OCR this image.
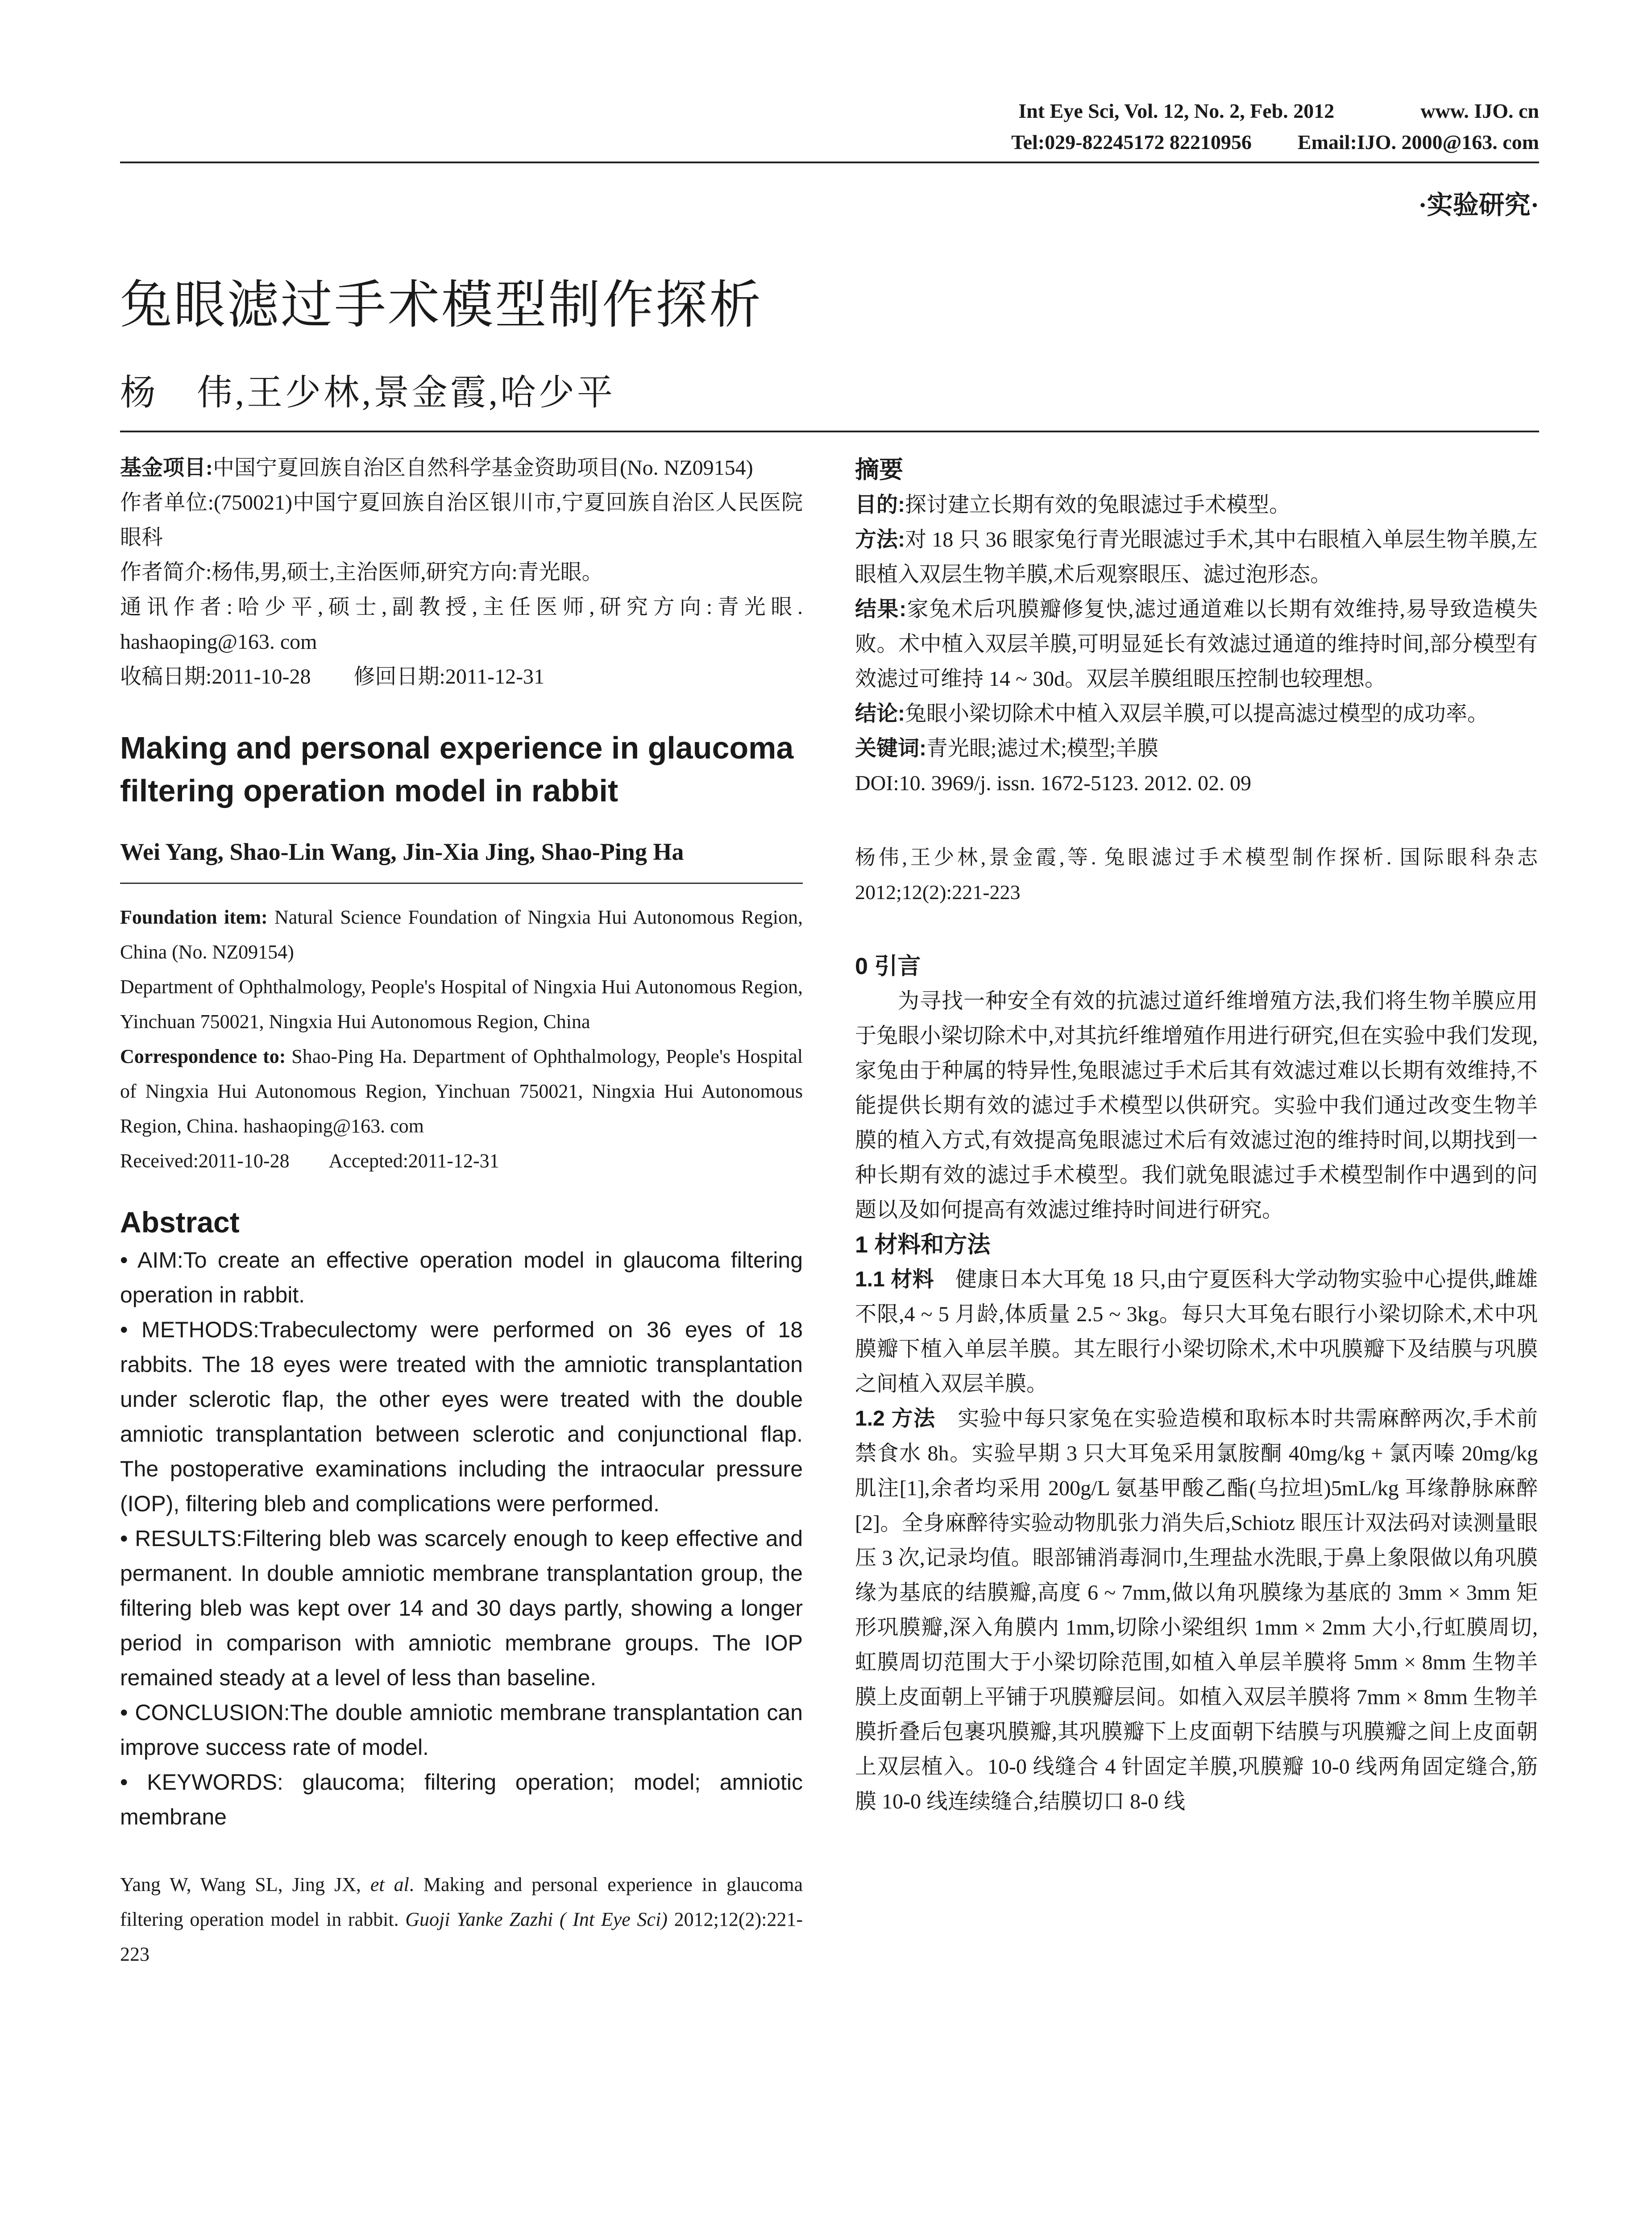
Int Eye Sci, Vol. 12, No. 2, Feb. 2012	www. IJO. cn
Tel:029-82245172 82210956 Email:IJO. 2000@163. com
·实验研究·
兔眼滤过手术模型制作探析
杨　伟,王少林,景金霞,哈少平

基金项目:中国宁夏回族自治区自然科学基金资助项目(No. NZ09154)

作者单位:(750021)中国宁夏回族自治区银川市,宁夏回族自治区人民医院眼科

作者简介:杨伟,男,硕士,主治医师,研究方向:青光眼。

通讯作者:哈少平,硕士,副教授,主任医师,研究方向:青光眼. hashaoping@163. com

收稿日期:2011-10-28　　修回日期:2011-12-31

Making and personal experience in glaucoma filtering operation model in rabbit
Wei Yang, Shao-Lin Wang, Jin-Xia Jing, Shao-Ping Ha

Foundation item: Natural Science Foundation of Ningxia Hui Autonomous Region, China (No. NZ09154)

Department of Ophthalmology, People's Hospital of Ningxia Hui Autonomous Region, Yinchuan 750021, Ningxia Hui Autonomous Region, China

Correspondence to: Shao-Ping Ha. Department of Ophthalmology, People's Hospital of Ningxia Hui Autonomous Region, Yinchuan 750021, Ningxia Hui Autonomous Region, China. hashaoping@163. com

Received:2011-10-28　　Accepted:2011-12-31

Abstract

• AIM:To create an effective operation model in glaucoma filtering operation in rabbit.

• METHODS:Trabeculectomy were performed on 36 eyes of 18 rabbits. The 18 eyes were treated with the amniotic transplantation under sclerotic flap, the other eyes were treated with the double amniotic transplantation between sclerotic and conjunctional flap. The postoperative examinations including the intraocular pressure (IOP), filtering bleb and complications were performed.

• RESULTS:Filtering bleb was scarcely enough to keep effective and permanent. In double amniotic membrane transplantation group, the filtering bleb was kept over 14 and 30 days partly, showing a longer period in comparison with amniotic membrane groups. The IOP remained steady at a level of less than baseline.

• CONCLUSION:The double amniotic membrane transplantation can improve success rate of model.

• KEYWORDS: glaucoma; filtering operation; model; amniotic membrane

Yang W, Wang SL, Jing JX, et al. Making and personal experience in glaucoma filtering operation model in rabbit. Guoji Yanke Zazhi ( Int Eye Sci) 2012;12(2):221-223

摘要

目的:探讨建立长期有效的兔眼滤过手术模型。

方法:对 18 只 36 眼家兔行青光眼滤过手术,其中右眼植入单层生物羊膜,左眼植入双层生物羊膜,术后观察眼压、滤过泡形态。

结果:家兔术后巩膜瓣修复快,滤过通道难以长期有效维持,易导致造模失败。术中植入双层羊膜,可明显延长有效滤过通道的维持时间,部分模型有效滤过可维持 14 ~ 30d。双层羊膜组眼压控制也较理想。

结论:兔眼小梁切除术中植入双层羊膜,可以提高滤过模型的成功率。

关键词:青光眼;滤过术;模型;羊膜

DOI:10. 3969/j. issn. 1672-5123. 2012. 02. 09

杨伟,王少林,景金霞,等. 兔眼滤过手术模型制作探析. 国际眼科杂志 2012;12(2):221-223

0 引言

为寻找一种安全有效的抗滤过道纤维增殖方法,我们将生物羊膜应用于兔眼小梁切除术中,对其抗纤维增殖作用进行研究,但在实验中我们发现,家兔由于种属的特异性,兔眼滤过手术后其有效滤过难以长期有效维持,不能提供长期有效的滤过手术模型以供研究。实验中我们通过改变生物羊膜的植入方式,有效提高兔眼滤过术后有效滤过泡的维持时间,以期找到一种长期有效的滤过手术模型。我们就兔眼滤过手术模型制作中遇到的问题以及如何提高有效滤过维持时间进行研究。

1 材料和方法

1.1 材料　健康日本大耳兔 18 只,由宁夏医科大学动物实验中心提供,雌雄不限,4 ~ 5 月龄,体质量 2.5 ~ 3kg。每只大耳兔右眼行小梁切除术,术中巩膜瓣下植入单层羊膜。其左眼行小梁切除术,术中巩膜瓣下及结膜与巩膜之间植入双层羊膜。

1.2 方法　实验中每只家兔在实验造模和取标本时共需麻醉两次,手术前禁食水 8h。实验早期 3 只大耳兔采用氯胺酮 40mg/kg + 氯丙嗪 20mg/kg 肌注[1],余者均采用 200g/L 氨基甲酸乙酯(乌拉坦)5mL/kg 耳缘静脉麻醉[2]。全身麻醉待实验动物肌张力消失后,Schiotz 眼压计双法码对读测量眼压 3 次,记录均值。眼部铺消毒洞巾,生理盐水洗眼,于鼻上象限做以角巩膜缘为基底的结膜瓣,高度 6 ~ 7mm,做以角巩膜缘为基底的 3mm × 3mm 矩形巩膜瓣,深入角膜内 1mm,切除小梁组织 1mm × 2mm 大小,行虹膜周切,虹膜周切范围大于小梁切除范围,如植入单层羊膜将 5mm × 8mm 生物羊膜上皮面朝上平铺于巩膜瓣层间。如植入双层羊膜将 7mm × 8mm 生物羊膜折叠后包裹巩膜瓣,其巩膜瓣下上皮面朝下结膜与巩膜瓣之间上皮面朝上双层植入。10-0 线缝合 4 针固定羊膜,巩膜瓣 10-0 线两角固定缝合,筋膜 10-0 线连续缝合,结膜切口 8-0 线
